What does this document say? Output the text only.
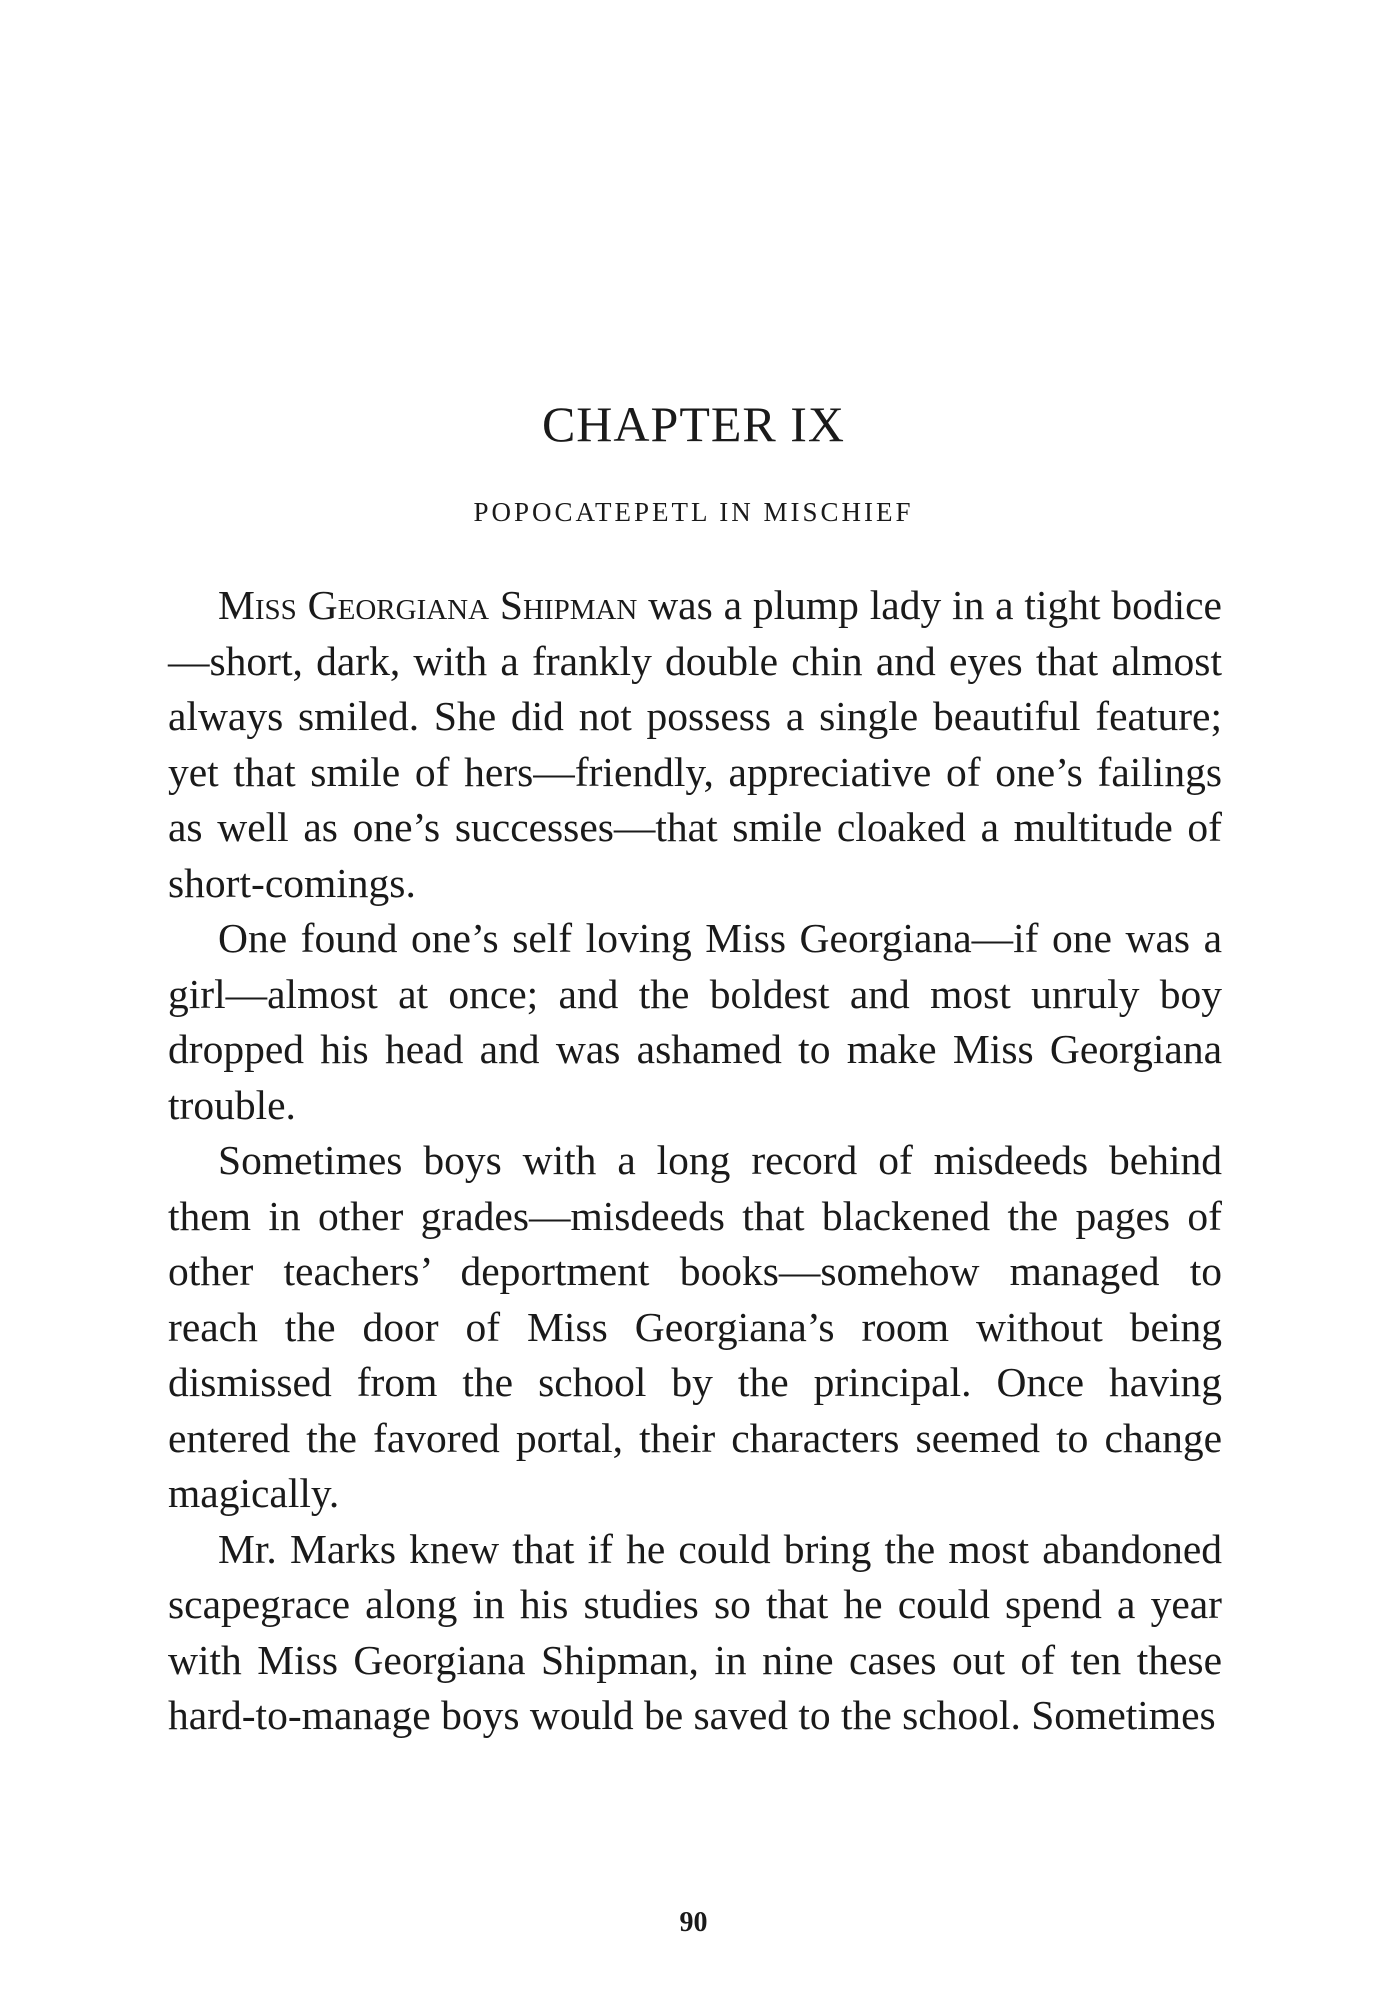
CHAPTER IX
POPOCATEPETL IN MISCHIEF

Miss Georgiana Shipman was a plump lady in a tight bodice—short, dark, with a frankly double chin and eyes that almost always smiled. She did not possess a single beautiful feature; yet that smile of hers—friendly, appreciative of one’s failings as well as one’s successes—that smile cloaked a multitude of short-comings.

One found one’s self loving Miss Georgiana—if one was a girl—almost at once; and the boldest and most unruly boy dropped his head and was ashamed to make Miss Georgiana trouble.

Sometimes boys with a long record of misdeeds behind them in other grades—misdeeds that blackened the pages of other teachers’ deportment books—somehow managed to reach the door of Miss Georgiana’s room without being dismissed from the school by the principal. Once having entered the favored portal, their characters seemed to change magically.

Mr. Marks knew that if he could bring the most abandoned scapegrace along in his studies so that he could spend a year with Miss Georgiana Shipman, in nine cases out of ten these hard-to-manage boys would be saved to the school. Sometimes

90
